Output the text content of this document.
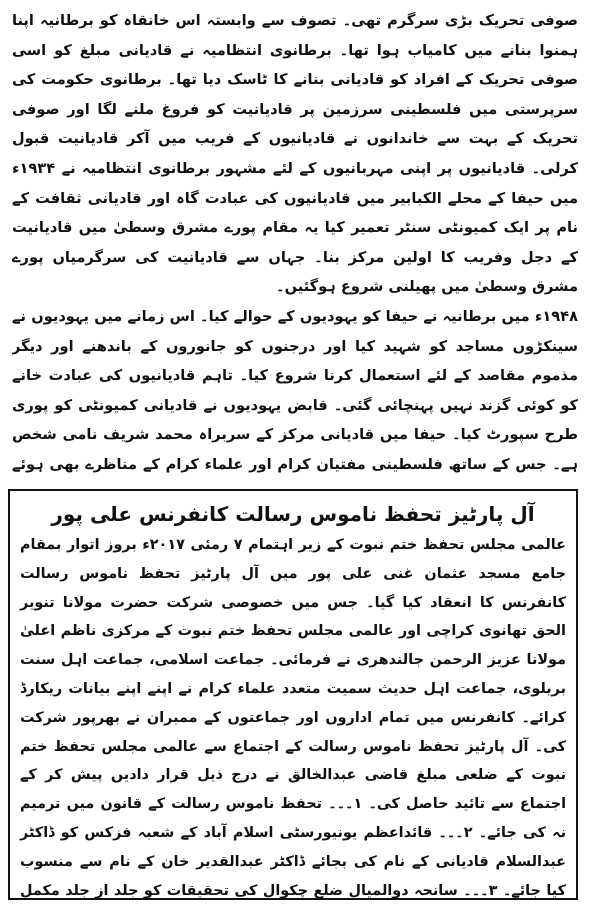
صوفی تحریک بڑی سرگرم تھی۔ تصوف سے وابستہ اس خانقاہ کو برطانیہ اپنا ہمنوا بنانے میں کامیاب ہوا تھا۔ برطانوی انتظامیہ نے قادیانی مبلغ کو اسی صوفی تحریک کے افراد کو قادیانی بنانے کا ٹاسک دیا تھا۔ برطانوی حکومت کی سرپرستی میں فلسطینی سرزمین پر قادیانیت کو فروغ ملنے لگا اور صوفی تحریک کے بہت سے خاندانوں نے قادیانیوں کے فریب میں آکر قادیانیت قبول کرلی۔ قادیانیوں پر اپنی مہربانیوں کے لئے مشہور برطانوی انتظامیہ نے ۱۹۳۴ء میں حیفا کے محلے الکبابیر میں قادیانیوں کی عبادت گاہ اور قادیانی ثقافت کے نام پر ایک کمیونٹی سنٹر تعمیر کیا یہ مقام پورے مشرق وسطیٰ میں قادیانیت کے دجل وفریب کا اولین مرکز بنا۔ جہاں سے قادیانیت کی سرگرمیاں پورے مشرق وسطیٰ میں پھیلنی شروع ہوگئیں۔

۱۹۴۸ء میں برطانیہ نے حیفا کو یہودیوں کے حوالے کیا۔ اس زمانے میں یہودیوں نے سینکڑوں مساجد کو شہید کیا اور درجنوں کو جانوروں کے باندھنے اور دیگر مذموم مقاصد کے لئے استعمال کرنا شروع کیا۔ تاہم قادیانیوں کی عبادت خانے کو کوئی گزند نہیں پہنچائی گئی۔ قابض یہودیوں نے قادیانی کمیونٹی کو پوری طرح سپورٹ کیا۔ حیفا میں قادیانی مرکز کے سربراہ محمد شریف نامی شخص ہے۔ جس کے ساتھ فلسطینی مفتیان کرام اور علماء کرام کے مناظرے بھی ہوئے

آل پارٹیز تحفظ ناموس رسالت کانفرنس علی پور
عالمی مجلس تحفظ ختم نبوت کے زیر اہتمام ۷ رمئی ۲۰۱۷ء بروز اتوار بمقام جامع مسجد عثمان غنی علی پور میں آل پارٹیز تحفظ ناموس رسالت کانفرنس کا انعقاد کیا گیا۔ جس میں خصوصی شرکت حضرت مولانا تنویر الحق تھانوی کراچی اور عالمی مجلس تحفظ ختم نبوت کے مرکزی ناظم اعلیٰ مولانا عزیز الرحمن جالندھری نے فرمائی۔ جماعت اسلامی، جماعت اہل سنت بریلوی، جماعت اہل حدیث سمیت متعدد علماء کرام نے اپنے اپنے بیانات ریکارڈ کرائے۔ کانفرنس میں تمام اداروں اور جماعتوں کے ممبران نے بھرپور شرکت کی۔ آل پارٹیز تحفظ ناموس رسالت کے اجتماع سے عالمی مجلس تحفظ ختم نبوت کے ضلعی مبلغ قاضی عبدالخالق نے درج ذیل قرار دادیں پیش کر کے اجتماع سے تائید حاصل کی۔ ۱۔۔۔ تحفظ ناموس رسالت کے قانون میں ترمیم نہ کی جائے۔ ۲۔۔۔ قائداعظم یونیورسٹی اسلام آباد کے شعبہ فزکس کو ڈاکٹر عبدالسلام قادیانی کے نام کی بجائے ڈاکٹر عبدالقدیر خان کے نام سے منسوب کیا جائے۔ ۳۔۔۔ سانحہ دوالمیال ضلع چکوال کی تحقیقات کو جلد از جلد مکمل
